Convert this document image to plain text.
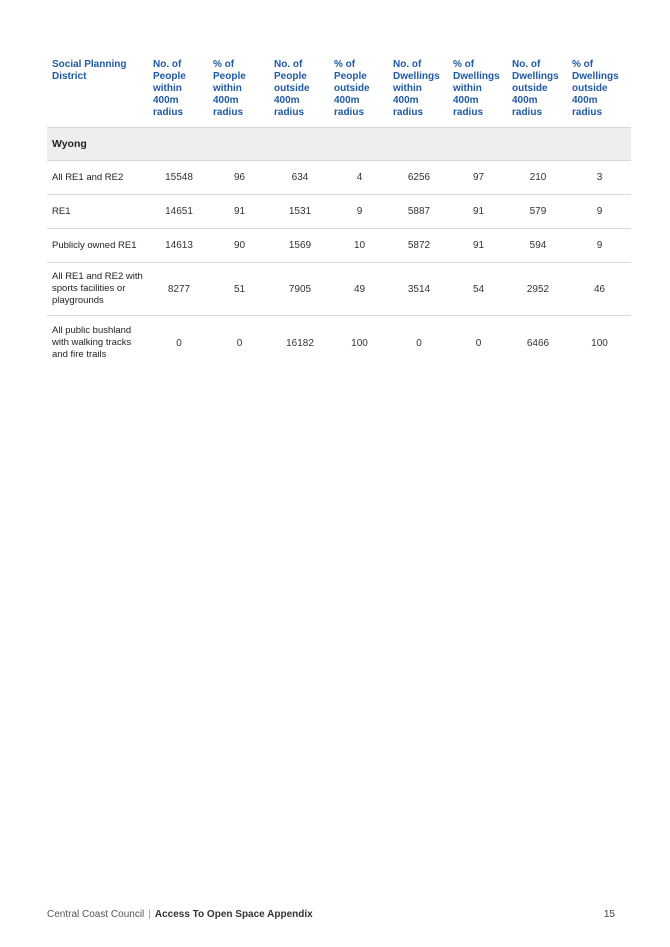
Social Planning District	No. of People within 400m radius	% of People within 400m radius	No. of People outside 400m radius	% of People outside 400m radius	No. of Dwellings within 400m radius	% of Dwellings within 400m radius	No. of Dwellings outside 400m radius	% of Dwellings outside 400m radius
Wyong								
All RE1 and RE2	15548	96	634	4	6256	97	210	3
RE1	14651	91	1531	9	5887	91	579	9
Publicly owned RE1	14613	90	1569	10	5872	91	594	9
All RE1 and RE2 with sports facilities or playgrounds	8277	51	7905	49	3514	54	2952	46
All public bushland with walking tracks and fire trails	0	0	16182	100	0	0	6466	100
Central Coast Council | Access To Open Space Appendix	15
